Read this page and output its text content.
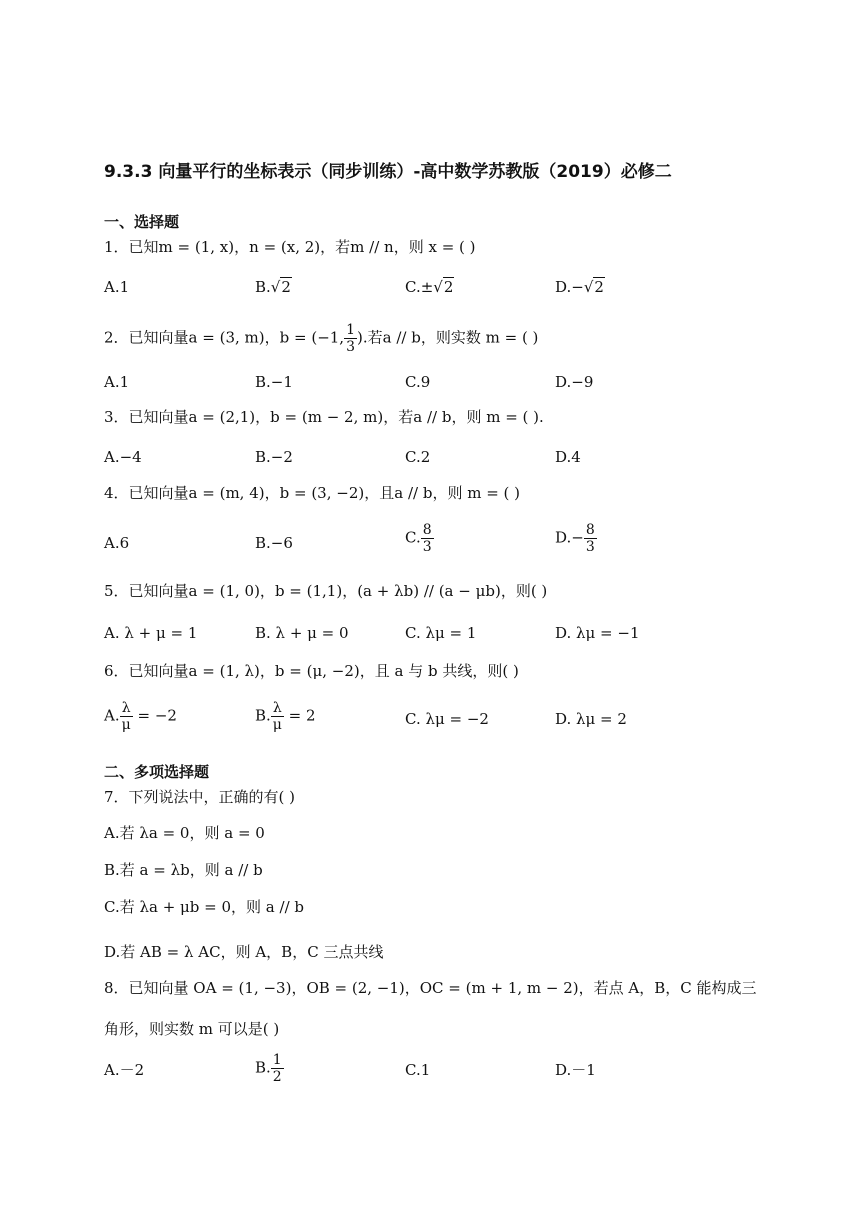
9.3.3 向量平行的坐标表示（同步训练）-高中数学苏教版（2019）必修二
一、选择题
1．已知m = (1, x)，n = (x, 2)，若m // n，则 x = ( )
A.1	B.√2	C.±√2	D.−√2
2．已知向量a = (3, m)，b = (−1, $\frac{1}{3}$ ).若a // b，则实数 m = ( )
A.1	B.−1	C.9	D.−9
3．已知向量a = (2,1)，b = (m − 2, m)，若a // b，则 m = ( ).
A.−4	B.−2	C.2	D.4
4．已知向量a = (m, 4)，b = (3, −2)，且a // b，则 m = ( )
A.6	B.−6	C. $\frac{8}{3}$	$D.- \frac{8}{3}$
5．已知向量a = (1, 0)，b = (1,1)，(a + λb) // (a − μb)，则( )
A. λ + μ = 1	B. λ + μ = 0	C. λμ = 1	D. λμ = −1
6．已知向量a = (1, λ)，b = (μ, −2)，且 a 与 b 共线，则( )
A. $\frac{\lambda}{\mu} = -2$	B. $\frac{\lambda}{\mu} = 2$	C. λμ = −2	D. λμ = 2
二、多项选择题
7．下列说法中，正确的有( )
A.若 λa = 0，则 a = 0
B.若 a = λb，则 a // b
C.若 λa + μb = 0，则 a // b
D.若 AB = λ AC，则 A，B，C 三点共线
8．已知向量 OA = (1, −3)，OB = (2, −1)，OC = (m + 1, m − 2)，若点 A，B，C 能构成三
角形，则实数 m 可以是( )
A.－2	B. $\frac{1}{2}$	C.1	D.－1
